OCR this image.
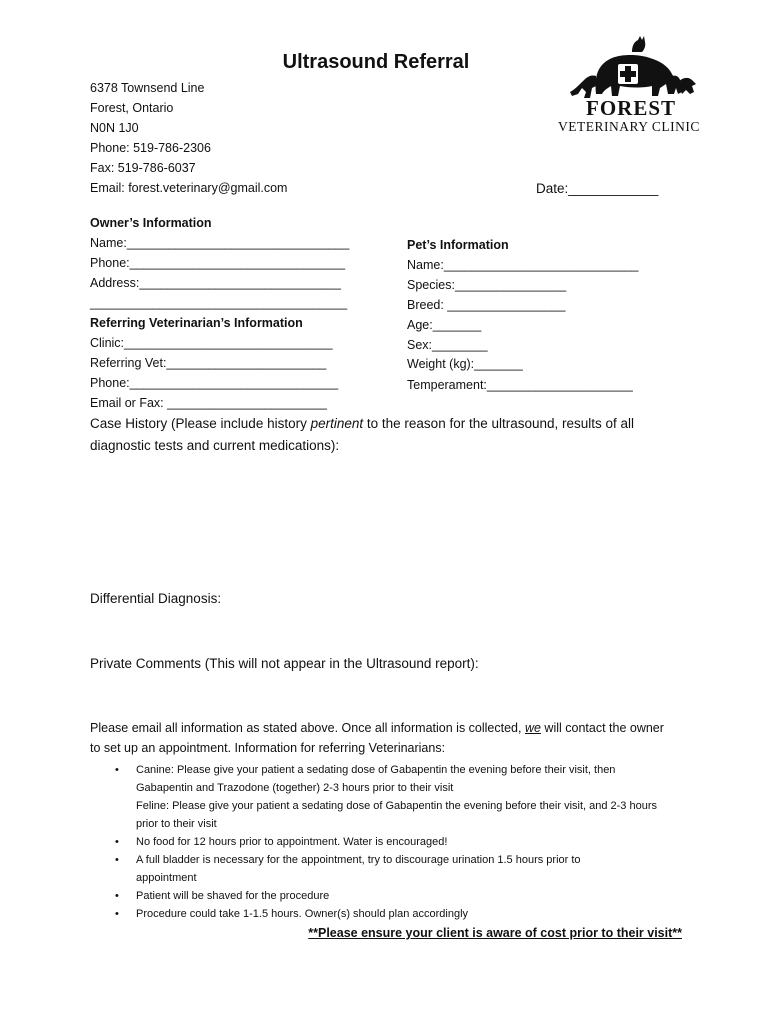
Ultrasound Referral
6378 Townsend Line
Forest, Ontario
N0N 1J0
Phone: 519-786-2306
Fax: 519-786-6037
Email: forest.veterinary@gmail.com
FOREST
VETERINARY CLINIC
Date:____________
Owner’s Information
Name:________________________________
Phone:_______________________________
Address:_____________________________
_____________________________________
Referring Veterinarian’s Information
Clinic:______________________________
Referring Vet:_______________________
Phone:______________________________
Email or Fax: _______________________
Pet’s Information
Name:____________________________
Species:________________
Breed: _________________
Age:_______
Sex:________
Weight (kg):_______
Temperament:_____________________
Case History (Please include history pertinent to the reason for the ultrasound, results of all
diagnostic tests and current medications):
Differential Diagnosis:
Private Comments (This will not appear in the Ultrasound report):
Please email all information as stated above. Once all information is collected, we will contact the owner
to set up an appointment. Information for referring Veterinarians:
• Canine: Please give your patient a sedating dose of Gabapentin the evening before their visit, then
Gabapentin and Trazodone (together) 2-3 hours prior to their visit
Feline: Please give your patient a sedating dose of Gabapentin the evening before their visit, and 2-3 hours
prior to their visit
• No food for 12 hours prior to appointment. Water is encouraged!
• A full bladder is necessary for the appointment, try to discourage urination 1.5 hours prior to
appointment
• Patient will be shaved for the procedure
• Procedure could take 1-1.5 hours. Owner(s) should plan accordingly
**Please ensure your client is aware of cost prior to their visit**
